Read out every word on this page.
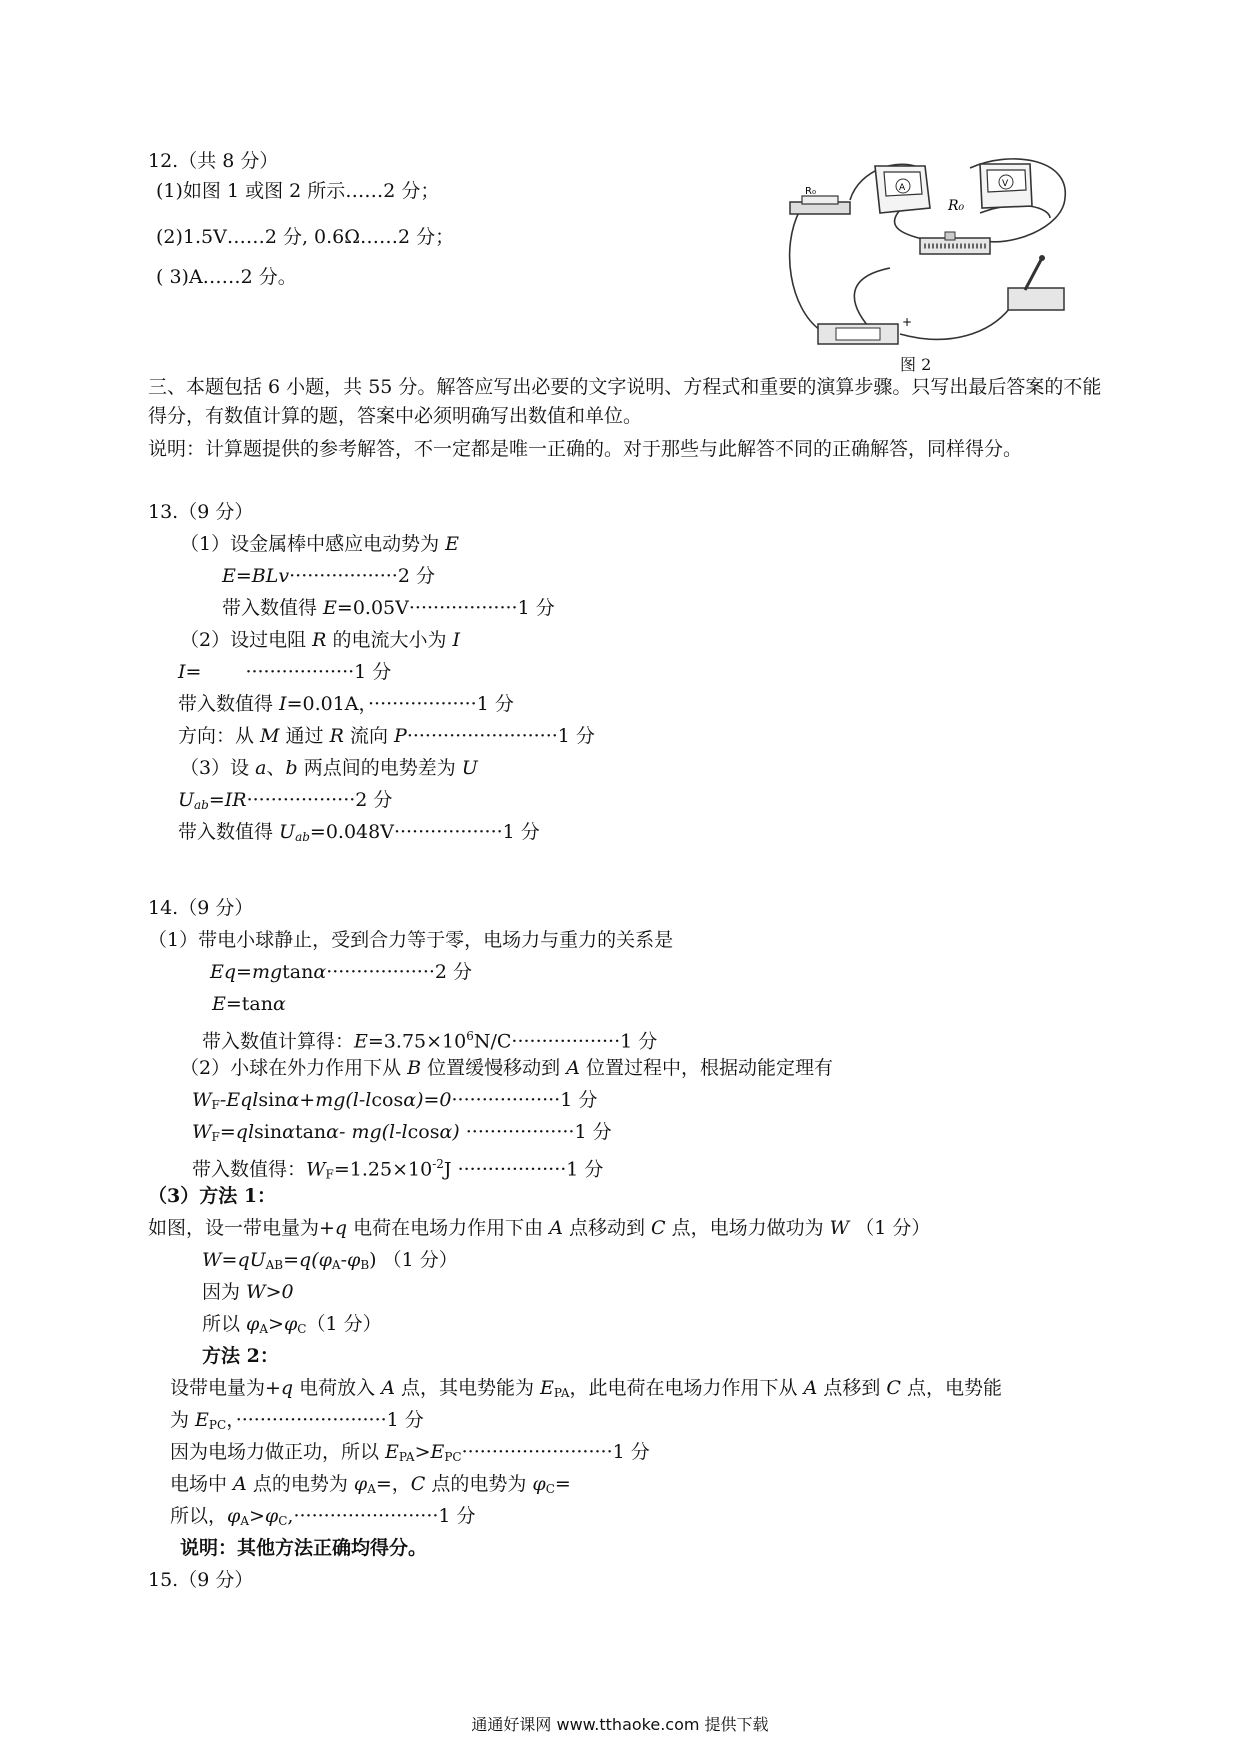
12.（共 8 分）
(1)如图 1 或图 2 所示……2 分；
(2)1.5V……2 分, 0.6Ω……2 分；
( 3)A……2 分。
R₀
R₀
A	V
+
图 2
三、本题包括 6 小题，共 55 分。解答应写出必要的文字说明、方程式和重要的演算步骤。只写出最后答案的不能得分，有数值计算的题，答案中必须明确写出数值和单位。
说明：计算题提供的参考解答，不一定都是唯一正确的。对于那些与此解答不同的正确解答，同样得分。
13.（9 分）
（1）设金属棒中感应电动势为 E
E=BLv··················2 分
带入数值得 E=0.05V··················1 分
（2）设过电阻 R 的电流大小为 I
I= ··················1 分
带入数值得 I=0.01A，··················1 分
方向：从 M 通过 R 流向 P·························1 分
（3）设 a、b 两点间的电势差为 U
$U_{ab}=IR\cdot\cdot\cdot\cdot\cdot\cdot\cdot\cdot\cdot\cdot\cdot\cdot\cdot\cdot\cdot\cdot\cdot\cdot 2$ 分
带入数值得 $U_{ab}=0.048V\cdot\cdot\cdot\cdot\cdot\cdot\cdot\cdot\cdot\cdot\cdot\cdot\cdot\cdot\cdot\cdot\cdot\cdot 1$ 分
14.（9 分）
（1）带电小球静止，受到合力等于零，电场力与重力的关系是
Eq=mgtanα··················2 分
E=tanα
带入数值计算得：$E=3.75\times 10^6N/C\cdot\cdot\cdot\cdot\cdot\cdot\cdot\cdot\cdot\cdot\cdot\cdot\cdot\cdot\cdot\cdot\cdot\cdot 1$ 分
（2）小球在外力作用下从 B 位置缓慢移动到 A 位置过程中，根据动能定理有
$W_F-Eqlsin\alpha+mg(l-lcos\alpha)=0\cdot\cdot\cdot\cdot\cdot\cdot\cdot\cdot\cdot\cdot\cdot\cdot\cdot\cdot\cdot\cdot\cdot\cdot 1$ 分
$W_F=qlsin\alpha\tan\alpha-$ mg(l-lcosα) ··················1 分
带入数值得：$W_F=1.25\times 10^{-2}J \cdot\cdot\cdot\cdot\cdot\cdot\cdot\cdot\cdot\cdot\cdot\cdot\cdot\cdot\cdot\cdot\cdot\cdot 1$ 分
（3）方法 1：
如图，设一带电量为+q 电荷在电场力作用下由 A 点移动到 C 点，电场力做功为 W （1 分）
$W=qU_{AB}=q(\varphi_A-\varphi_B)$ （1 分）
因为 W>0
所以 $\varphi_A>\varphi_C(1$ 分）
方法 2：
设带电量为+q 电荷放入 A 点，其电势能为 $E_{PA}$，此电荷在电场力作用下从 A 点移到 C 点，电势能
为 $E_{PC}$，·························1 分
因为电场力做正功，所以 $E_{PA}>E_{PC}\cdot\cdot\cdot\cdot\cdot\cdot\cdot\cdot\cdot\cdot\cdot\cdot\cdot\cdot\cdot\cdot\cdot\cdot\cdot\cdot\cdot\cdot\cdot\cdot\cdot 1$ 分
电场中 A 点的电势为 $\varphi_A=$，C 点的电势为 $\varphi_C=$
所以，$\varphi_A>\varphi_C,\cdot\cdot\cdot\cdot\cdot\cdot\cdot\cdot\cdot\cdot\cdot\cdot\cdot\cdot\cdot\cdot\cdot\cdot\cdot\cdot\cdot\cdot\cdot\cdot 1$ 分
说明：其他方法正确均得分。
15.（9 分）
通通好课网 www.tthaoke.com 提供下载
